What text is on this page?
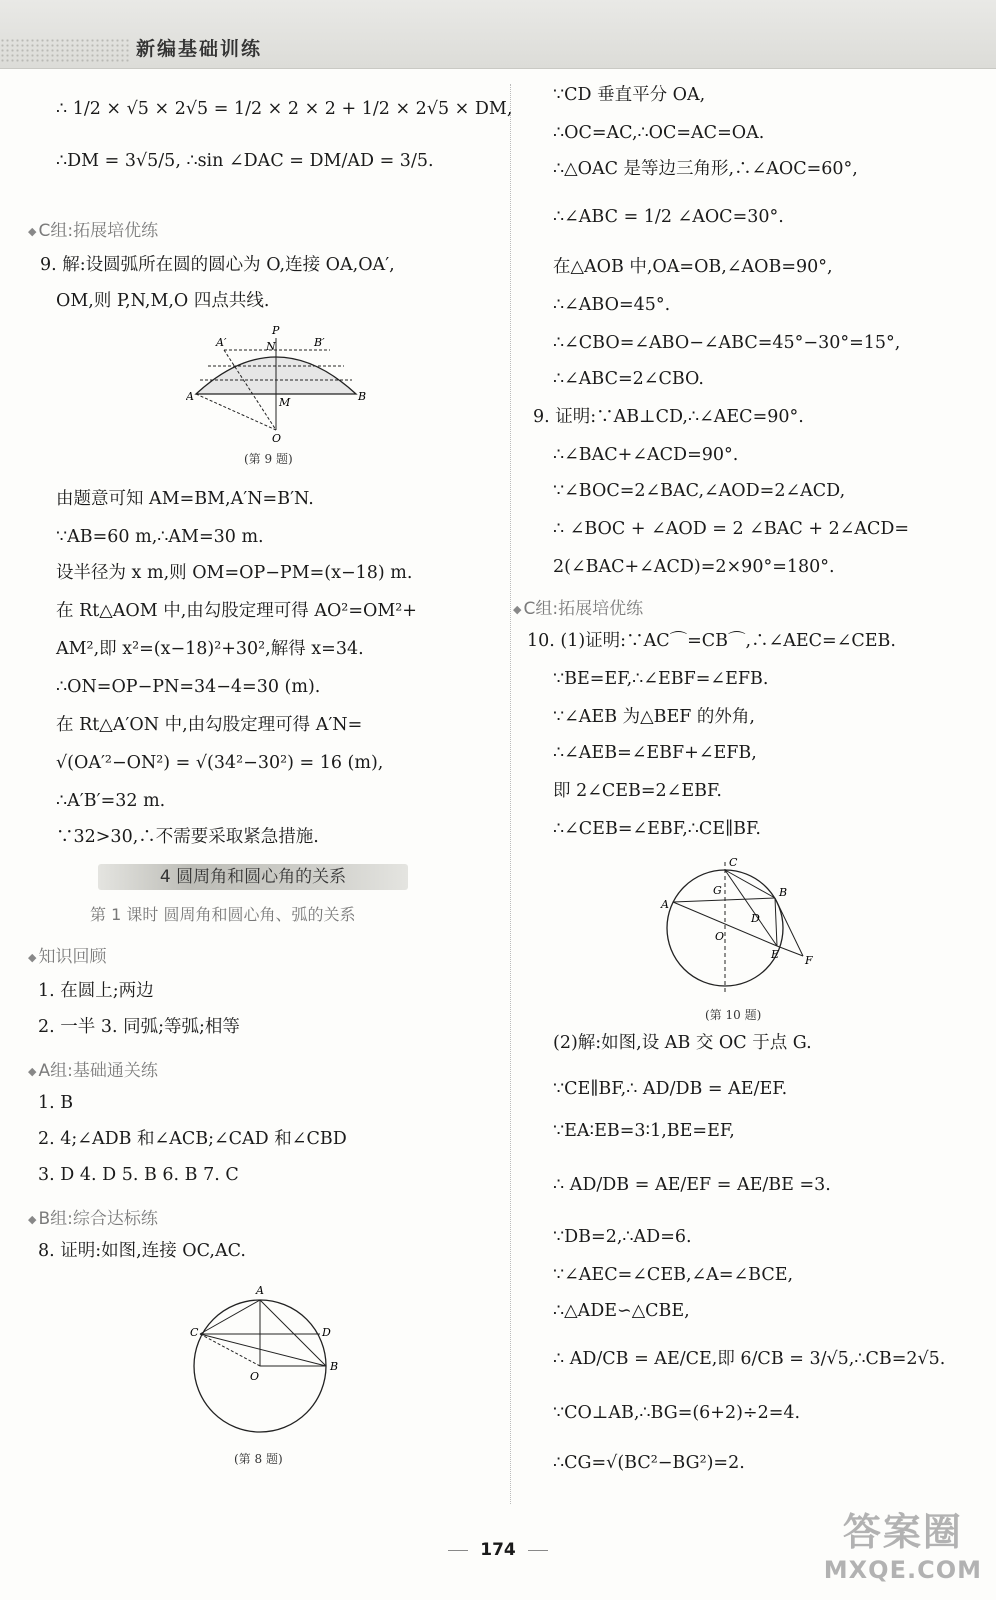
新编基础训练
∴ 1/2 × √5 × 2√5 = 1/2 × 2 × 2 + 1/2 × 2√5 × DM,
∴DM = 3√5/5, ∴sin ∠DAC = DM/AD = 3/5.
◆ C组:拓展培优练
9. 解:设圆弧所在圆的圆心为 O,连接 OA,OA′,
OM,则 P,N,M,O 四点共线.
P
A′	N	B′
A	M	B
O
(第 9 题)
由题意可知 AM=BM,A′N=B′N.
∵AB=60 m,∴AM=30 m.
设半径为 x m,则 OM=OP−PM=(x−18) m.
在 Rt△AOM 中,由勾股定理可得 AO²=OM²+
AM²,即 x²=(x−18)²+30²,解得 x=34.
∴ON=OP−PN=34−4=30 (m).
在 Rt△A′ON 中,由勾股定理可得 A′N=
√(OA′²−ON²) = √(34²−30²) = 16 (m),
∴A′B′=32 m.
∵32>30,∴不需要采取紧急措施.
4 圆周角和圆心角的关系
第 1 课时 圆周角和圆心角、弧的关系
◆ 知识回顾
1. 在圆上;两边
2. 一半 3. 同弧;等弧;相等
◆ A组:基础通关练
1. B
2. 4;∠ADB 和∠ACB;∠CAD 和∠CBD
3. D 4. D 5. B 6. B 7. C
◆ B组:综合达标练
8. 证明:如图,连接 OC,AC.
A
C	D
B
O
(第 8 题)
∵CD 垂直平分 OA,
∴OC=AC,∴OC=AC=OA.
∴△OAC 是等边三角形,∴∠AOC=60°,
∴∠ABC = 1/2 ∠AOC=30°.
在△AOB 中,OA=OB,∠AOB=90°,
∴∠ABO=45°.
∴∠CBO=∠ABO−∠ABC=45°−30°=15°,
∴∠ABC=2∠CBO.
9. 证明:∵AB⊥CD,∴∠AEC=90°.
∴∠BAC+∠ACD=90°.
∵∠BOC=2∠BAC,∠AOD=2∠ACD,
∴ ∠BOC + ∠AOD = 2 ∠BAC + 2∠ACD=
2(∠BAC+∠ACD)=2×90°=180°.
◆ C组:拓展培优练
10. (1)证明:∵AC⌒=CB⌒,∴∠AEC=∠CEB.
∵BE=EF,∴∠EBF=∠EFB.
∵∠AEB 为△BEF 的外角,
∴∠AEB=∠EBF+∠EFB,
即 2∠CEB=2∠EBF.
∴∠CEB=∠EBF,∴CE∥BF.
C
G	B
A
D
O
E F
(第 10 题)
(2)解:如图,设 AB 交 OC 于点 G.
∵CE∥BF,∴ AD/DB = AE/EF.
∵EA∶EB=3∶1,BE=EF,
∴ AD/DB = AE/EF = AE/BE =3.
∵DB=2,∴AD=6.
∵∠AEC=∠CEB,∠A=∠BCE,
∴△ADE∽△CBE,
∴ AD/CB = AE/CE,即 6/CB = 3/√5,∴CB=2√5.
∵CO⊥AB,∴BG=(6+2)÷2=4.
∴CG=√(BC²−BG²)=2.
174	答案圈
MXQE.COM
